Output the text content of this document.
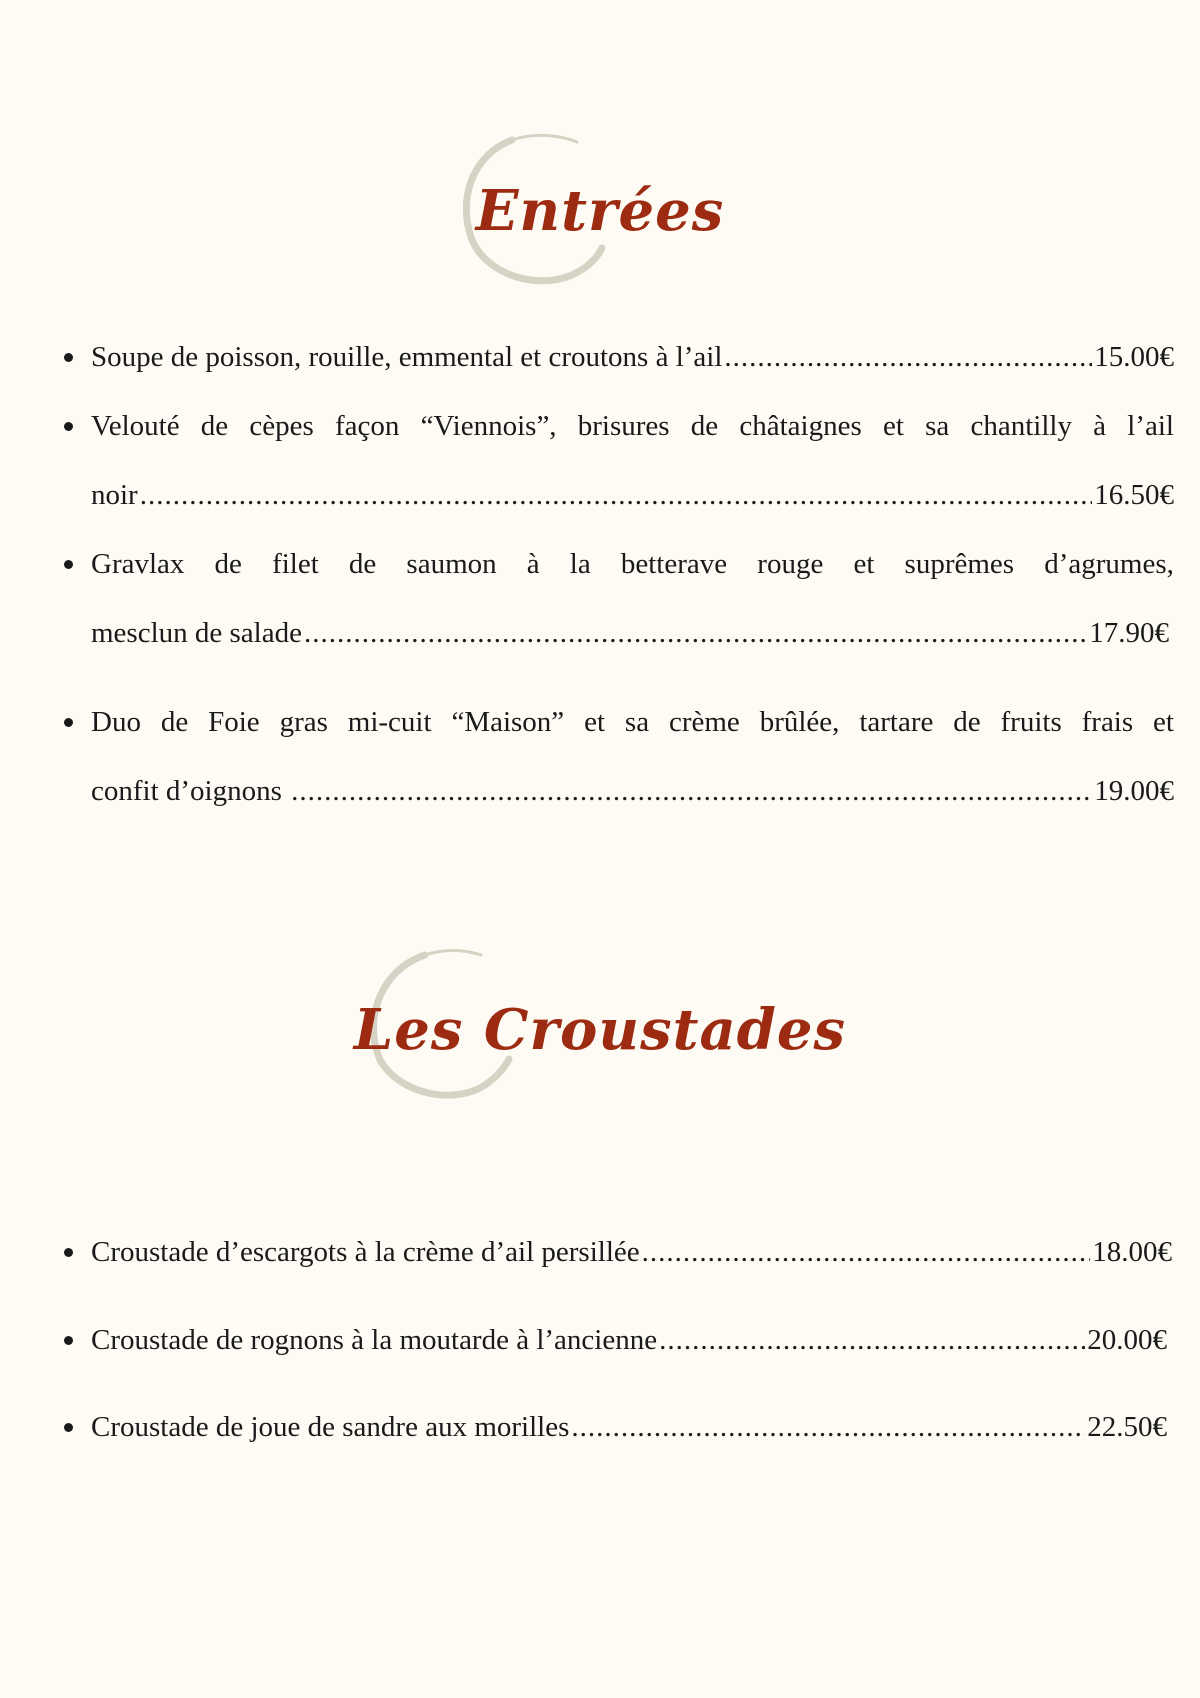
Entrées
Soupe de poisson, rouille, emmental et croutons à l’ail .....	15.00€
Velouté de cèpes façon “Viennois”, brisures de châtaignes et sa chantilly à l’ail
noir .....	16.50€
Gravlax de filet de saumon à la betterave rouge et suprêmes d’agrumes,
mesclun de salade .....	17.90€
Duo de Foie gras mi-cuit “Maison” et sa crème brûlée, tartare de fruits frais et
confit d’oignons .....	19.00€
Les Croustades
Croustade d’escargots à la crème d’ail persillée .....	18.00€
Croustade de rognons à la moutarde à l’ancienne .....	20.00€
Croustade de joue de sandre aux morilles .....	22.50€
